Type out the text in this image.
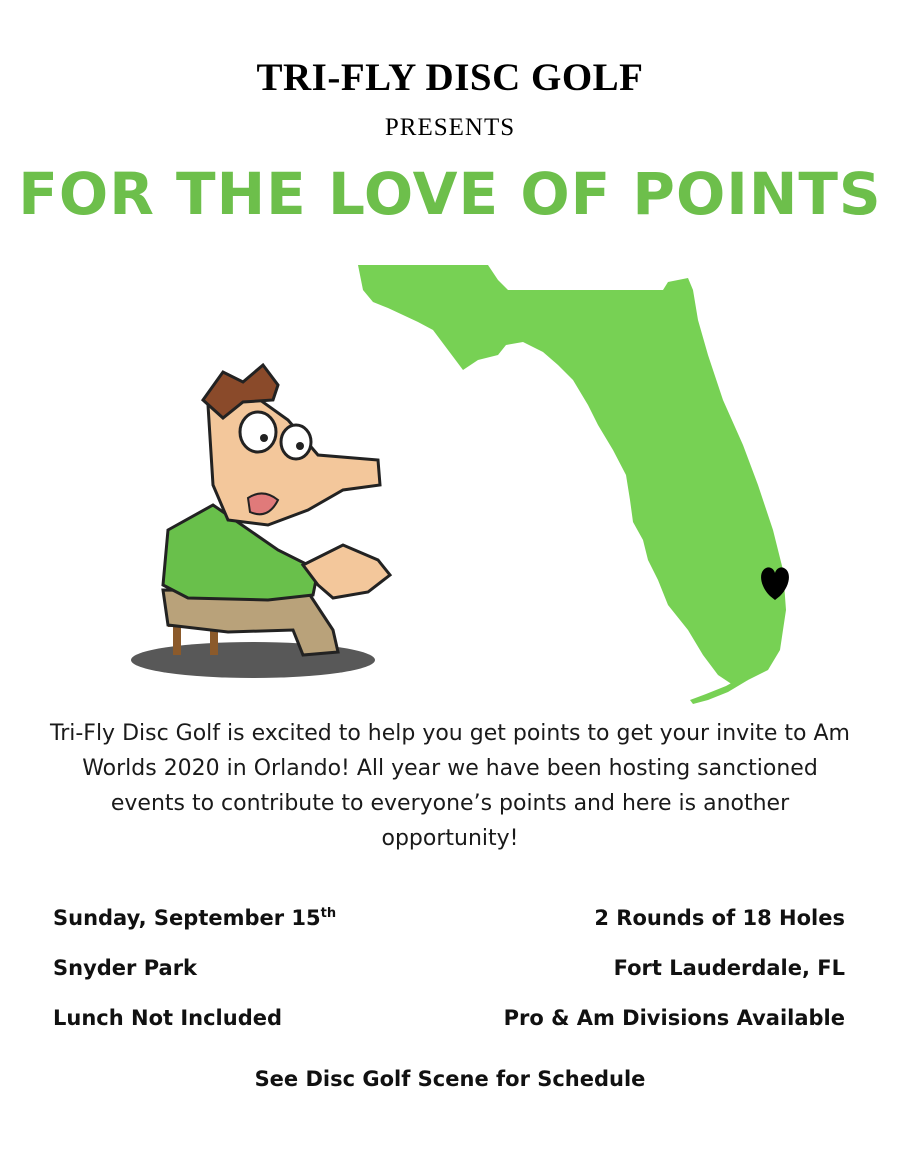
TRI-FLY DISC GOLF
PRESENTS
FOR THE LOVE OF POINTS
Tri-Fly Disc Golf is excited to help you get points to get your invite to Am Worlds 2020 in Orlando! All year we have been hosting sanctioned events to contribute to everyone’s points and here is another opportunity!
Sunday, September 15th	2 Rounds of 18 Holes
Snyder Park	Fort Lauderdale, FL
Lunch Not Included	Pro & Am Divisions Available
See Disc Golf Scene for Schedule
